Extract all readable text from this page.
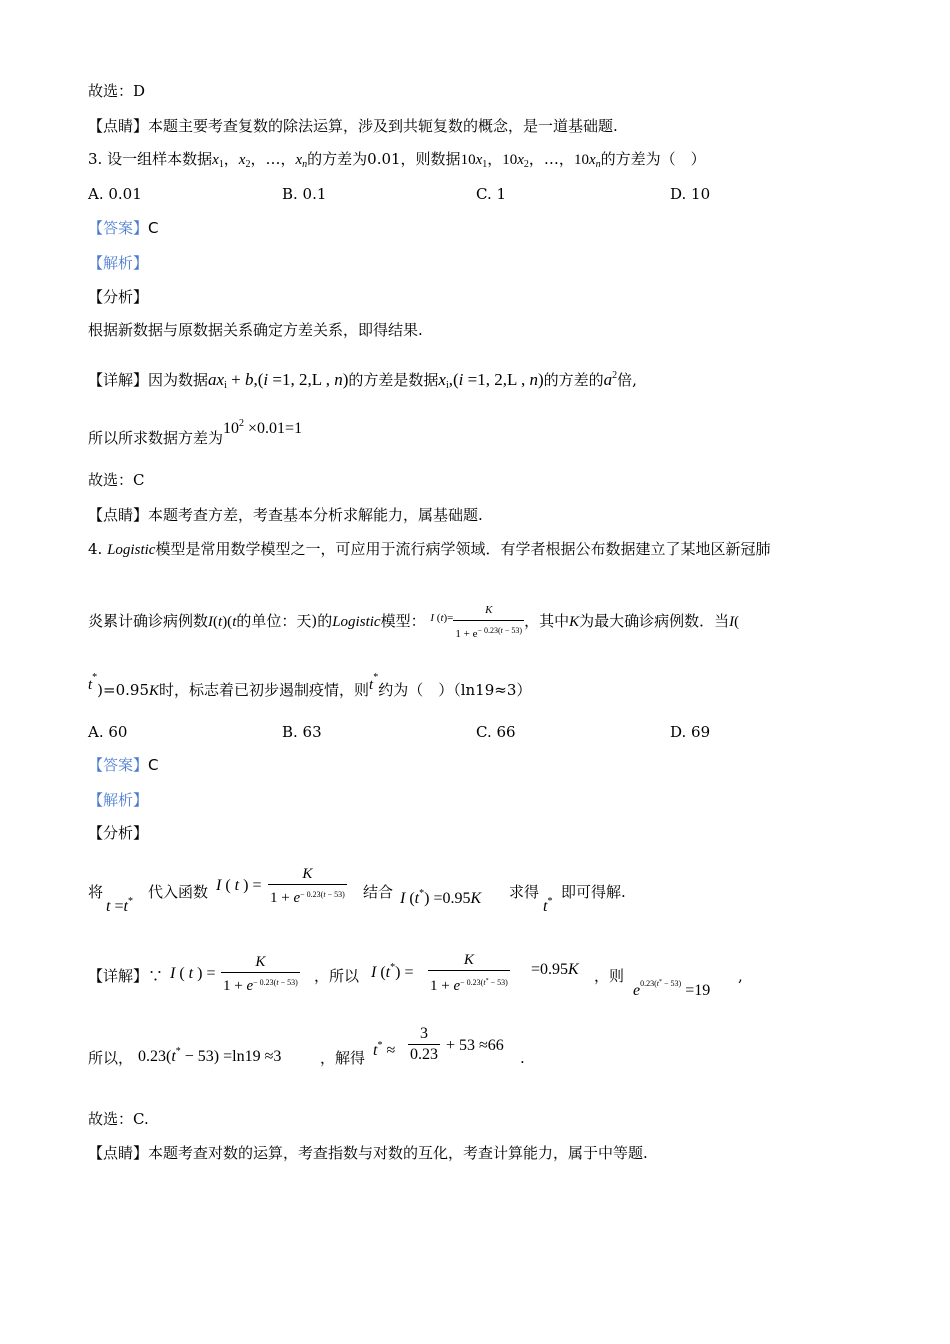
故选：D
【点睛】本题主要考查复数的除法运算，涉及到共轭复数的概念，是一道基础题.
3. 设一组样本数据$x_1$，$x_2$，…，$x_n$的方差为0.01，则数据$10x_1$，$10x_2$，…，$10x_n$的方差为（　）
A. 0.01	B. 0.1	C. 1	D. 10
【答案】C
【解析】
【分析】
根据新数据与原数据关系确定方差关系，即得结果.
【详解】因为数据$ax_i + b,(i =1$, 2,L , n)的方差是数据$x_i,(i =1$, 2,L , n)的方差的$a^2$倍,
所以所求数据方差为$10^2 \times 0.01=1$
故选：C
【点睛】本题考查方差，考查基本分析求解能力，属基础题.
4. Logistic模型是常用数学模型之一，可应用于流行病学领域．有学者根据公布数据建立了某地区新冠肺
炎累计确诊病例数I(t)(t的单位：天)的Logistic模型： I $(t)= \frac{K}{1 + e^{- 0.23(t - 53)}}$ ，其中K为最大确诊病例数．当I(
t*)=0.95K时，标志着已初步遏制疫情，则t*约为（　）（ln19≈3）
A. 60	B. 63	C. 66	D. 69
【答案】C
【解析】
【分析】
将
t =t*
代入函数 I ( t ) = $\frac{K}{1 + e^{- 0.23(t - 53)}}$ 结合 I (t*) =0.95K 求得
t*
即可得解.
【详解】∵ I ( t ) = $\frac{K}{1 + e^{- 0.23(t - 53)}}$ ，所以 I $(t^*) = \frac{K}{1 + e^{- 0.23(t^* - 53)}} =0.95K$ ，则
$e^{0.23(t^* - 53)} =19$
,
所以， 0.23(t* − 53) =ln19 ≈3	，解得 $t^* \approx \frac{3}{0.23} + 53 \approx 66$
.
故选：C.
【点睛】本题考查对数的运算，考查指数与对数的互化，考查计算能力，属于中等题.
